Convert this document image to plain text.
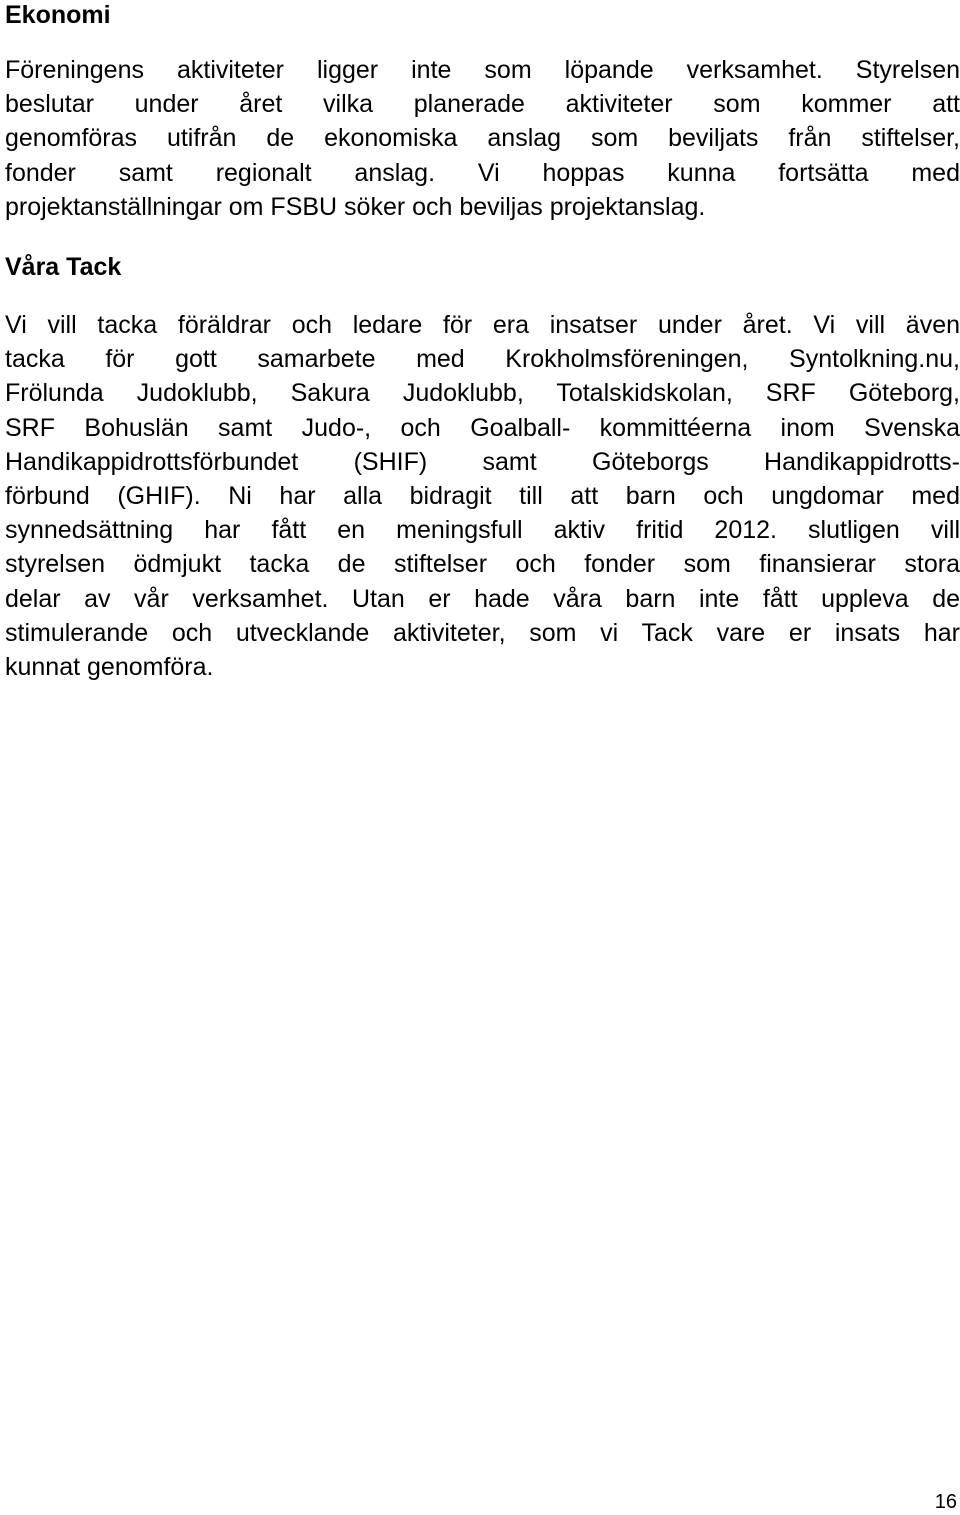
Ekonomi
Föreningens aktiviteter ligger inte som löpande verksamhet. Styrelsen
beslutar under året vilka planerade aktiviteter som kommer att
genomföras utifrån de ekonomiska anslag som beviljats från stiftelser,
fonder samt regionalt anslag. Vi hoppas kunna fortsätta med
projektanställningar om FSBU söker och beviljas projektanslag.
Våra Tack
Vi vill tacka föräldrar och ledare för era insatser under året. Vi vill även
tacka för gott samarbete med Krokholmsföreningen, Syntolkning.nu,
Frölunda Judoklubb, Sakura Judoklubb, Totalskidskolan, SRF Göteborg,
SRF Bohuslän samt Judo-, och Goalball- kommittéerna inom Svenska
Handikappidrottsförbundet (SHIF) samt Göteborgs Handikappidrotts-
förbund (GHIF). Ni har alla bidragit till att barn och ungdomar med
synnedsättning har fått en meningsfull aktiv fritid 2012. slutligen vill
styrelsen ödmjukt tacka de stiftelser och fonder som finansierar stora
delar av vår verksamhet. Utan er hade våra barn inte fått uppleva de
stimulerande och utvecklande aktiviteter, som vi Tack vare er insats har
kunnat genomföra.
16
